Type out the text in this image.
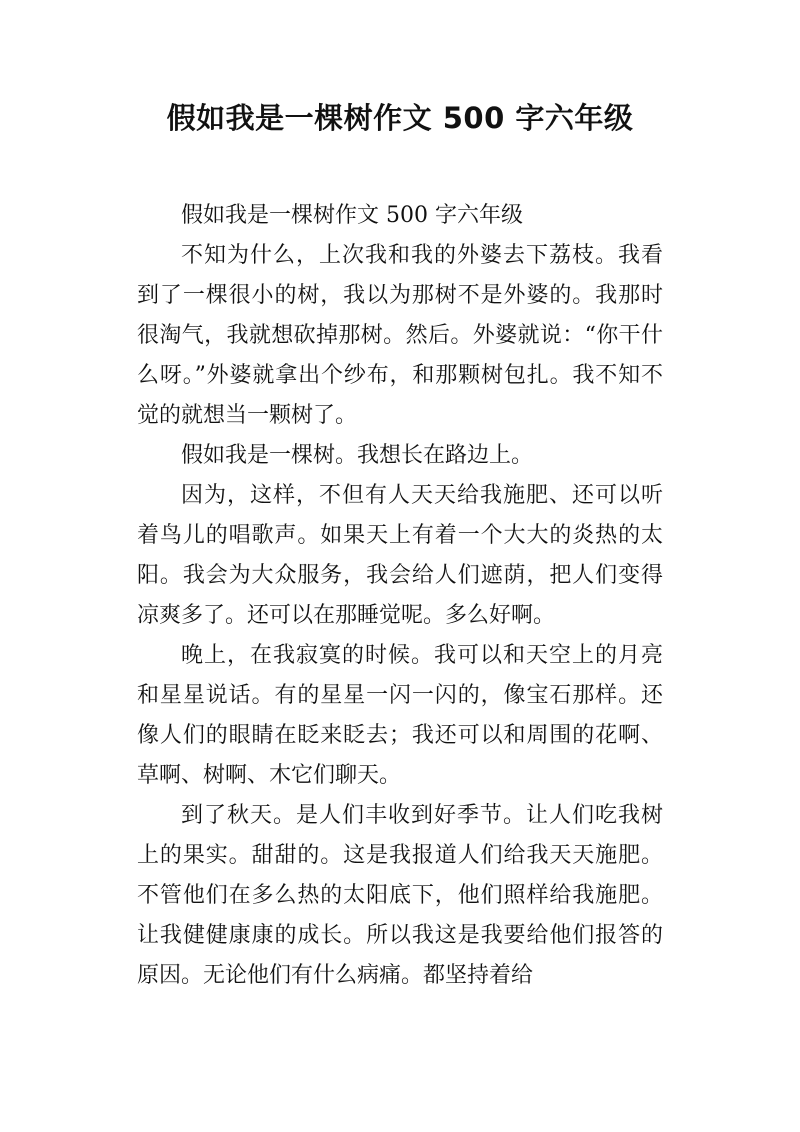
假如我是一棵树作文 500 字六年级

假如我是一棵树作文 500 字六年级

不知为什么，上次我和我的外婆去下荔枝。我看到了一棵很小的树，我以为那树不是外婆的。我那时很淘气，我就想砍掉那树。然后。外婆就说：“你干什么呀。”外婆就拿出个纱布，和那颗树包扎。我不知不觉的就想当一颗树了。

假如我是一棵树。我想长在路边上。

因为，这样，不但有人天天给我施肥、还可以听着鸟儿的唱歌声。如果天上有着一个大大的炎热的太阳。我会为大众服务，我会给人们遮荫，把人们变得凉爽多了。还可以在那睡觉呢。多么好啊。

晚上，在我寂寞的时候。我可以和天空上的月亮和星星说话。有的星星一闪一闪的，像宝石那样。还像人们的眼睛在眨来眨去；我还可以和周围的花啊、草啊、树啊、木它们聊天。

到了秋天。是人们丰收到好季节。让人们吃我树上的果实。甜甜的。这是我报道人们给我天天施肥。不管他们在多么热的太阳底下，他们照样给我施肥。让我健健康康的成长。所以我这是我要给他们报答的原因。无论他们有什么病痛。都坚持着给
